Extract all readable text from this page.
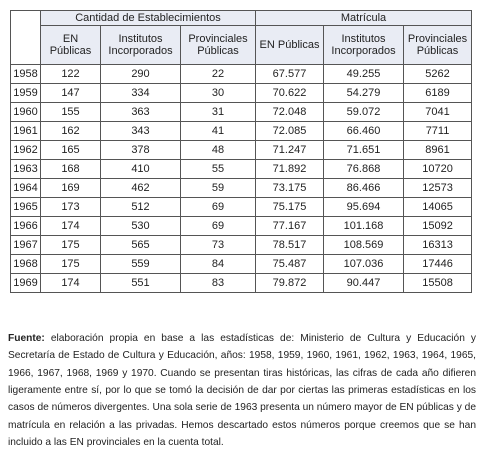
	Cantidad de Establecimientos			Matrícula		
	EN Públicas	Institutos Incorporados	Provinciales Públicas	EN Públicas	Institutos Incorporados	Provinciales Públicas
1958	122	290	22	67.577	49.255	5262
1959	147	334	30	70.622	54.279	6189
1960	155	363	31	72.048	59.072	7041
1961	162	343	41	72.085	66.460	7711
1962	165	378	48	71.247	71.651	8961
1963	168	410	55	71.892	76.868	10720
1964	169	462	59	73.175	86.466	12573
1965	173	512	69	75.175	95.694	14065
1966	174	530	69	77.167	101.168	15092
1967	175	565	73	78.517	108.569	16313
1968	175	559	84	75.487	107.036	17446
1969	174	551	83	79.872	90.447	15508

Fuente: elaboración propia en base a las estadísticas de: Ministerio de Cultura y Educación y Secretaría de Estado de Cultura y Educación, años: 1958, 1959, 1960, 1961, 1962, 1963, 1964, 1965, 1966, 1967, 1968, 1969 y 1970. Cuando se presentan tiras históricas, las cifras de cada año difieren ligeramente entre sí, por lo que se tomó la decisión de dar por ciertas las primeras estadísticas en los casos de números divergentes. Una sola serie de 1963 presenta un número mayor de EN públicas y de matrícula en relación a las privadas. Hemos descartado estos números porque creemos que se han incluido a las EN provinciales en la cuenta total.
